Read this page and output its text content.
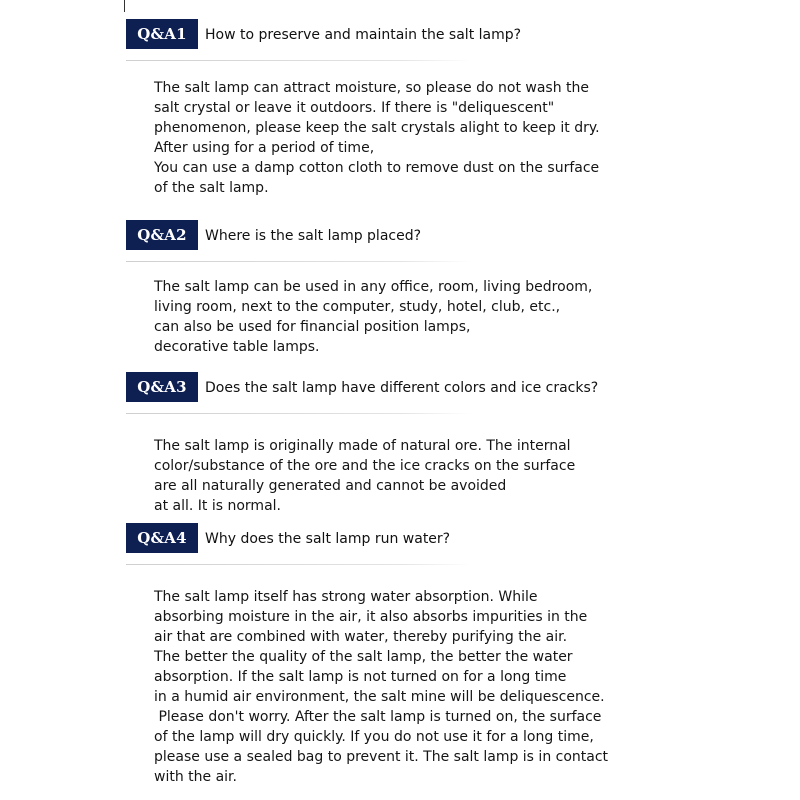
Q&A1	How to preserve and maintain the salt lamp?
The salt lamp can attract moisture, so please do not wash the
salt crystal or leave it outdoors. If there is "deliquescent"
phenomenon, please keep the salt crystals alight to keep it dry.
After using for a period of time,
You can use a damp cotton cloth to remove dust on the surface
of the salt lamp.
Q&A2	Where is the salt lamp placed?
The salt lamp can be used in any office, room, living bedroom,
living room, next to the computer, study, hotel, club, etc.,
can also be used for financial position lamps,
decorative table lamps.
Q&A3	Does the salt lamp have different colors and ice cracks?
The salt lamp is originally made of natural ore. The internal
color/substance of the ore and the ice cracks on the surface
are all naturally generated and cannot be avoided
at all. It is normal.
Q&A4	Why does the salt lamp run water?
The salt lamp itself has strong water absorption. While
absorbing moisture in the air, it also absorbs impurities in the
air that are combined with water, thereby purifying the air.
The better the quality of the salt lamp, the better the water
absorption. If the salt lamp is not turned on for a long time
in a humid air environment, the salt mine will be deliquescence.
Please don't worry. After the salt lamp is turned on, the surface
of the lamp will dry quickly. If you do not use it for a long time,
please use a sealed bag to prevent it. The salt lamp is in contact
with the air.
